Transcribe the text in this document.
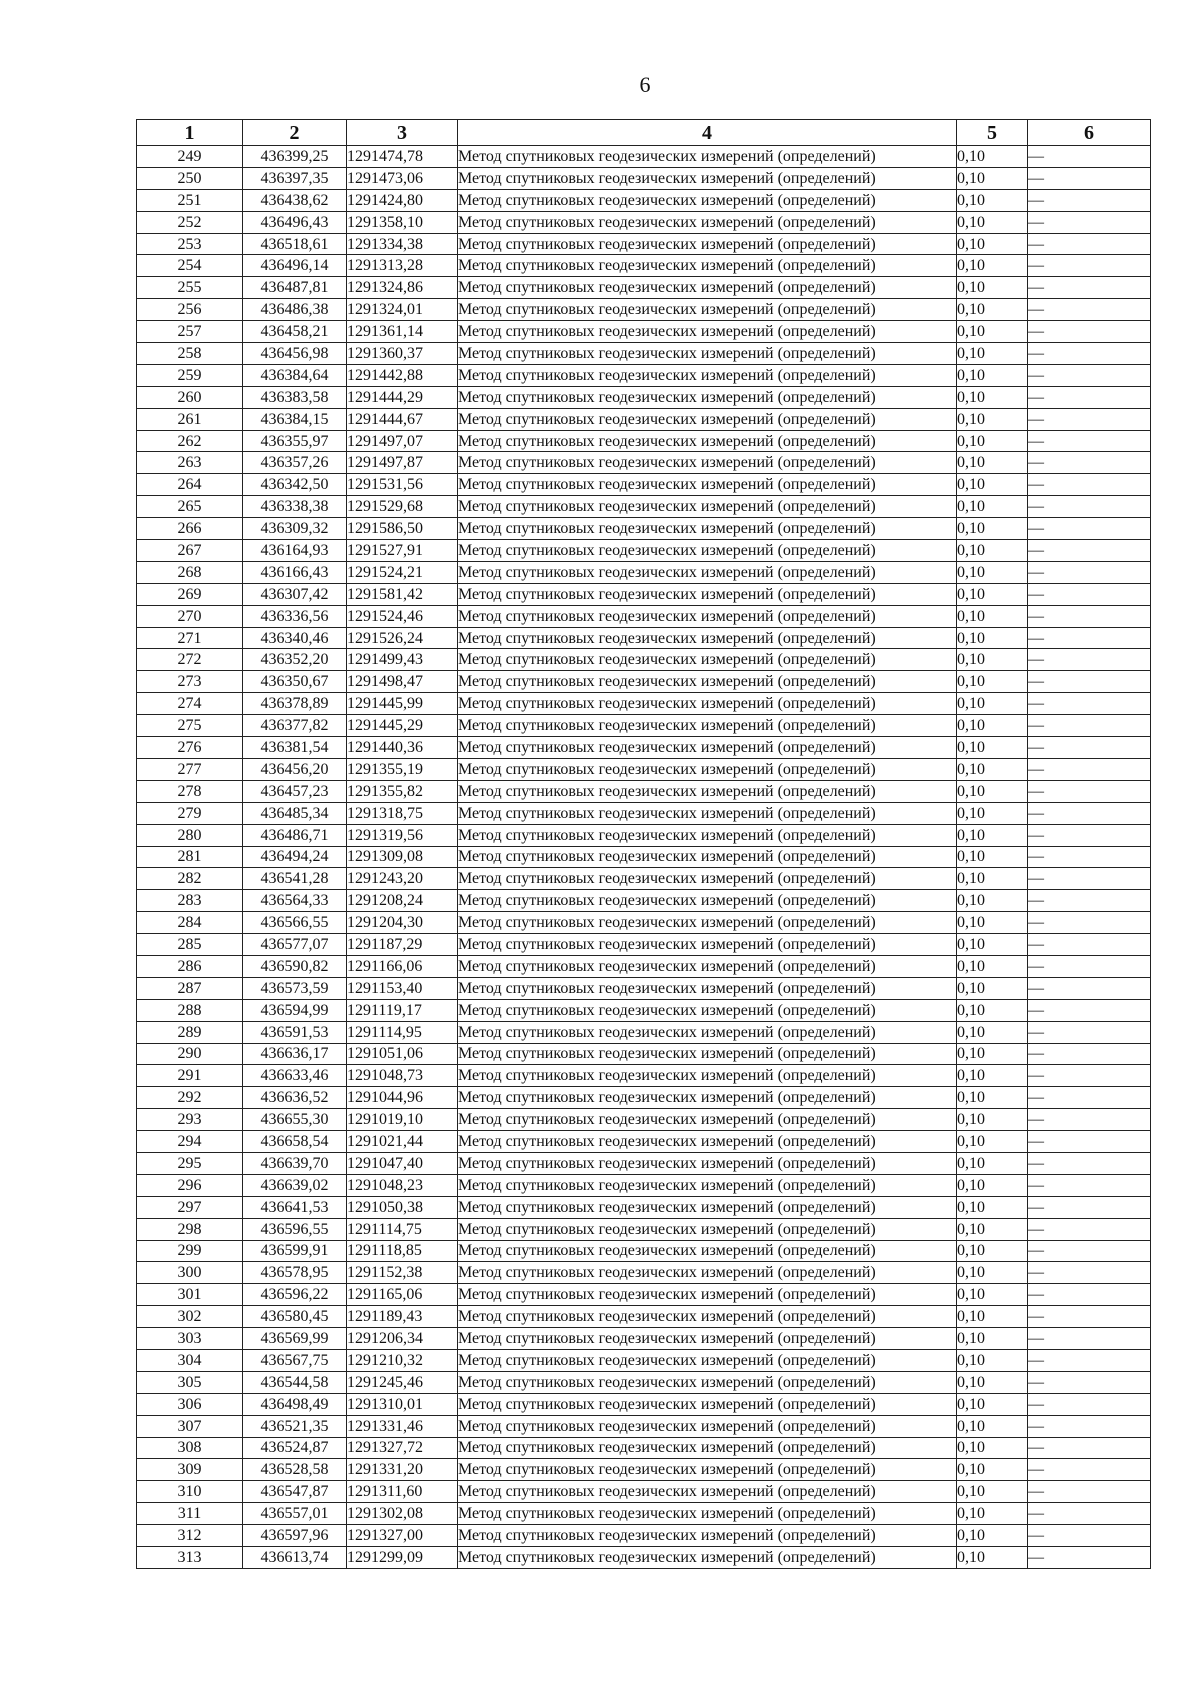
6
1	2	3	4	5	6
249	436399,25	1291474,78	Метод спутниковых геодезических измерений (определений)	0,10	—
250	436397,35	1291473,06	Метод спутниковых геодезических измерений (определений)	0,10	—
251	436438,62	1291424,80	Метод спутниковых геодезических измерений (определений)	0,10	—
252	436496,43	1291358,10	Метод спутниковых геодезических измерений (определений)	0,10	—
253	436518,61	1291334,38	Метод спутниковых геодезических измерений (определений)	0,10	—
254	436496,14	1291313,28	Метод спутниковых геодезических измерений (определений)	0,10	—
255	436487,81	1291324,86	Метод спутниковых геодезических измерений (определений)	0,10	—
256	436486,38	1291324,01	Метод спутниковых геодезических измерений (определений)	0,10	—
257	436458,21	1291361,14	Метод спутниковых геодезических измерений (определений)	0,10	—
258	436456,98	1291360,37	Метод спутниковых геодезических измерений (определений)	0,10	—
259	436384,64	1291442,88	Метод спутниковых геодезических измерений (определений)	0,10	—
260	436383,58	1291444,29	Метод спутниковых геодезических измерений (определений)	0,10	—
261	436384,15	1291444,67	Метод спутниковых геодезических измерений (определений)	0,10	—
262	436355,97	1291497,07	Метод спутниковых геодезических измерений (определений)	0,10	—
263	436357,26	1291497,87	Метод спутниковых геодезических измерений (определений)	0,10	—
264	436342,50	1291531,56	Метод спутниковых геодезических измерений (определений)	0,10	—
265	436338,38	1291529,68	Метод спутниковых геодезических измерений (определений)	0,10	—
266	436309,32	1291586,50	Метод спутниковых геодезических измерений (определений)	0,10	—
267	436164,93	1291527,91	Метод спутниковых геодезических измерений (определений)	0,10	—
268	436166,43	1291524,21	Метод спутниковых геодезических измерений (определений)	0,10	—
269	436307,42	1291581,42	Метод спутниковых геодезических измерений (определений)	0,10	—
270	436336,56	1291524,46	Метод спутниковых геодезических измерений (определений)	0,10	—
271	436340,46	1291526,24	Метод спутниковых геодезических измерений (определений)	0,10	—
272	436352,20	1291499,43	Метод спутниковых геодезических измерений (определений)	0,10	—
273	436350,67	1291498,47	Метод спутниковых геодезических измерений (определений)	0,10	—
274	436378,89	1291445,99	Метод спутниковых геодезических измерений (определений)	0,10	—
275	436377,82	1291445,29	Метод спутниковых геодезических измерений (определений)	0,10	—
276	436381,54	1291440,36	Метод спутниковых геодезических измерений (определений)	0,10	—
277	436456,20	1291355,19	Метод спутниковых геодезических измерений (определений)	0,10	—
278	436457,23	1291355,82	Метод спутниковых геодезических измерений (определений)	0,10	—
279	436485,34	1291318,75	Метод спутниковых геодезических измерений (определений)	0,10	—
280	436486,71	1291319,56	Метод спутниковых геодезических измерений (определений)	0,10	—
281	436494,24	1291309,08	Метод спутниковых геодезических измерений (определений)	0,10	—
282	436541,28	1291243,20	Метод спутниковых геодезических измерений (определений)	0,10	—
283	436564,33	1291208,24	Метод спутниковых геодезических измерений (определений)	0,10	—
284	436566,55	1291204,30	Метод спутниковых геодезических измерений (определений)	0,10	—
285	436577,07	1291187,29	Метод спутниковых геодезических измерений (определений)	0,10	—
286	436590,82	1291166,06	Метод спутниковых геодезических измерений (определений)	0,10	—
287	436573,59	1291153,40	Метод спутниковых геодезических измерений (определений)	0,10	—
288	436594,99	1291119,17	Метод спутниковых геодезических измерений (определений)	0,10	—
289	436591,53	1291114,95	Метод спутниковых геодезических измерений (определений)	0,10	—
290	436636,17	1291051,06	Метод спутниковых геодезических измерений (определений)	0,10	—
291	436633,46	1291048,73	Метод спутниковых геодезических измерений (определений)	0,10	—
292	436636,52	1291044,96	Метод спутниковых геодезических измерений (определений)	0,10	—
293	436655,30	1291019,10	Метод спутниковых геодезических измерений (определений)	0,10	—
294	436658,54	1291021,44	Метод спутниковых геодезических измерений (определений)	0,10	—
295	436639,70	1291047,40	Метод спутниковых геодезических измерений (определений)	0,10	—
296	436639,02	1291048,23	Метод спутниковых геодезических измерений (определений)	0,10	—
297	436641,53	1291050,38	Метод спутниковых геодезических измерений (определений)	0,10	—
298	436596,55	1291114,75	Метод спутниковых геодезических измерений (определений)	0,10	—
299	436599,91	1291118,85	Метод спутниковых геодезических измерений (определений)	0,10	—
300	436578,95	1291152,38	Метод спутниковых геодезических измерений (определений)	0,10	—
301	436596,22	1291165,06	Метод спутниковых геодезических измерений (определений)	0,10	—
302	436580,45	1291189,43	Метод спутниковых геодезических измерений (определений)	0,10	—
303	436569,99	1291206,34	Метод спутниковых геодезических измерений (определений)	0,10	—
304	436567,75	1291210,32	Метод спутниковых геодезических измерений (определений)	0,10	—
305	436544,58	1291245,46	Метод спутниковых геодезических измерений (определений)	0,10	—
306	436498,49	1291310,01	Метод спутниковых геодезических измерений (определений)	0,10	—
307	436521,35	1291331,46	Метод спутниковых геодезических измерений (определений)	0,10	—
308	436524,87	1291327,72	Метод спутниковых геодезических измерений (определений)	0,10	—
309	436528,58	1291331,20	Метод спутниковых геодезических измерений (определений)	0,10	—
310	436547,87	1291311,60	Метод спутниковых геодезических измерений (определений)	0,10	—
311	436557,01	1291302,08	Метод спутниковых геодезических измерений (определений)	0,10	—
312	436597,96	1291327,00	Метод спутниковых геодезических измерений (определений)	0,10	—
313	436613,74	1291299,09	Метод спутниковых геодезических измерений (определений)	0,10	—
